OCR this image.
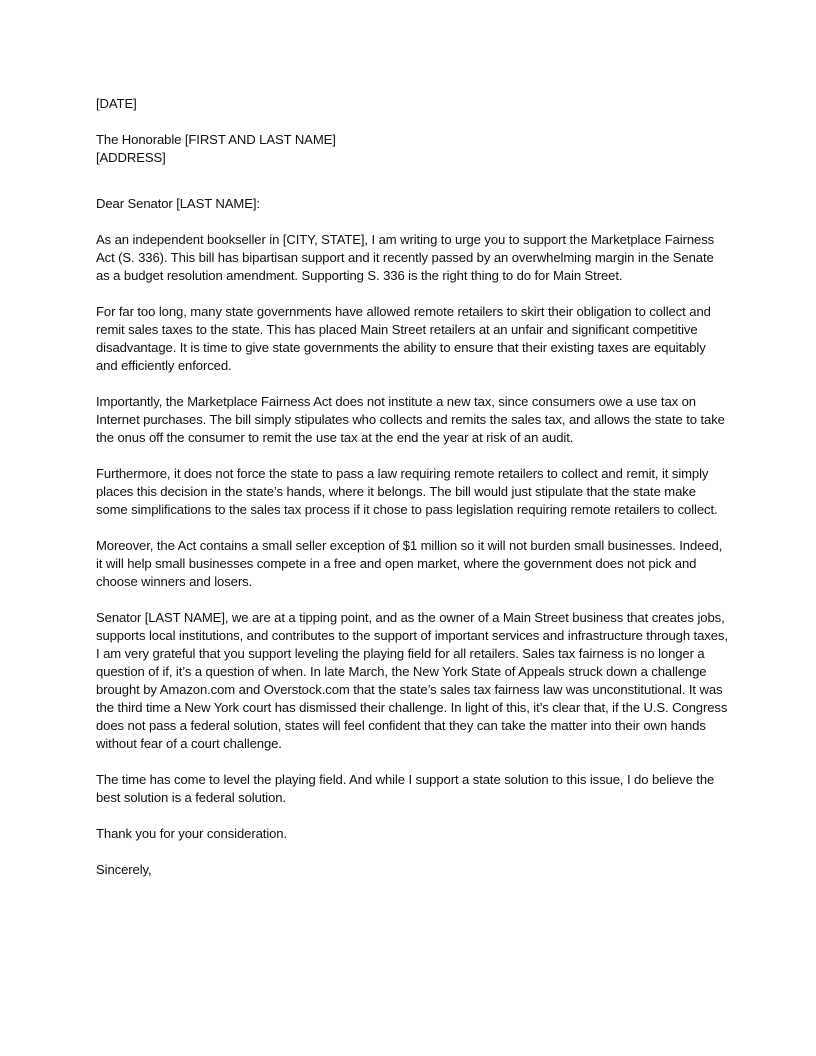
[DATE]
The Honorable [FIRST AND LAST NAME]
[ADDRESS]
Dear Senator [LAST NAME]:

As an independent bookseller in [CITY, STATE], I am writing to urge you to support the Marketplace Fairness Act (S. 336). This bill has bipartisan support and it recently passed by an overwhelming margin in the Senate as a budget resolution amendment. Supporting S. 336 is the right thing to do for Main Street.

For far too long, many state governments have allowed remote retailers to skirt their obligation to collect and remit sales taxes to the state. This has placed Main Street retailers at an unfair and significant competitive disadvantage. It is time to give state governments the ability to ensure that their existing taxes are equitably and efficiently enforced.

Importantly, the Marketplace Fairness Act does not institute a new tax, since consumers owe a use tax on Internet purchases. The bill simply stipulates who collects and remits the sales tax, and allows the state to take the onus off the consumer to remit the use tax at the end the year at risk of an audit.

Furthermore, it does not force the state to pass a law requiring remote retailers to collect and remit, it simply places this decision in the state’s hands, where it belongs. The bill would just stipulate that the state make some simplifications to the sales tax process if it chose to pass legislation requiring remote retailers to collect.

Moreover, the Act contains a small seller exception of $1 million so it will not burden small businesses. Indeed, it will help small businesses compete in a free and open market, where the government does not pick and choose winners and losers.

Senator [LAST NAME], we are at a tipping point, and as the owner of a Main Street business that creates jobs, supports local institutions, and contributes to the support of important services and infrastructure through taxes, I am very grateful that you support leveling the playing field for all retailers. Sales tax fairness is no longer a question of if, it’s a question of when. In late March, the New York State of Appeals struck down a challenge brought by Amazon.com and Overstock.com that the state’s sales tax fairness law was unconstitutional. It was the third time a New York court has dismissed their challenge. In light of this, it’s clear that, if the U.S. Congress does not pass a federal solution, states will feel confident that they can take the matter into their own hands without fear of a court challenge.

The time has come to level the playing field. And while I support a state solution to this issue, I do believe the best solution is a federal solution.

Thank you for your consideration.

Sincerely,
